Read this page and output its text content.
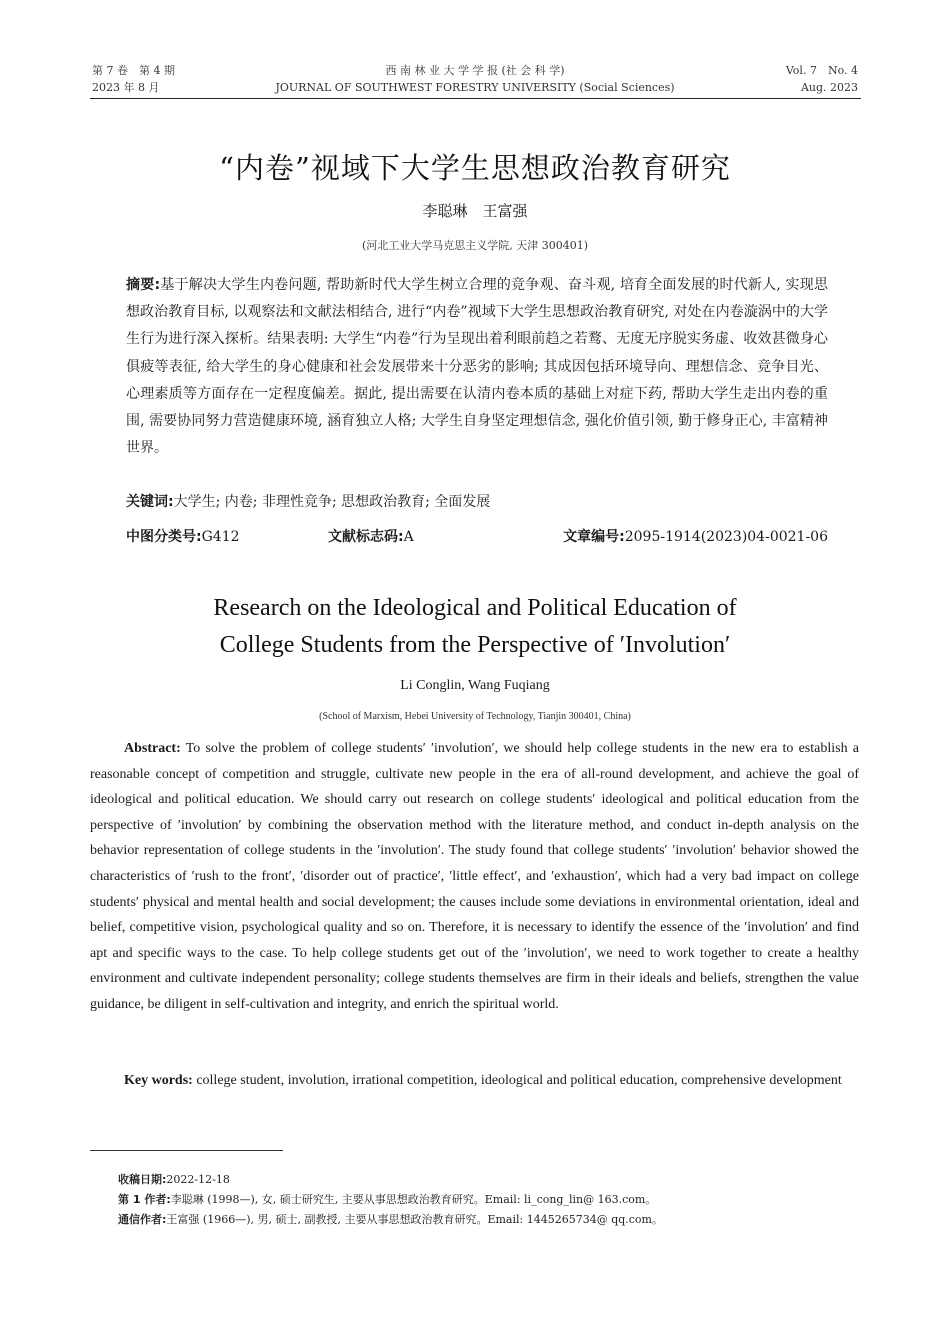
第 7 卷　第 4 期
2023 年 8 月
西 南 林 业 大 学 学 报 (社 会 科 学)
JOURNAL OF SOUTHWEST FORESTRY UNIVERSITY (Social Sciences)
Vol. 7　No. 4
Aug. 2023
“内卷”视域下大学生思想政治教育研究
李聪琳　王富强
(河北工业大学马克思主义学院, 天津 300401)
摘要:基于解决大学生内卷问题, 帮助新时代大学生树立合理的竞争观、奋斗观, 培育全面发展的时代新人, 实现思想政治教育目标, 以观察法和文献法相结合, 进行“内卷”视域下大学生思想政治教育研究, 对处在内卷漩涡中的大学生行为进行深入探析。结果表明: 大学生“内卷”行为呈现出着利眼前趋之若鹜、无度无序脱实务虚、收效甚微身心俱疲等表征, 给大学生的身心健康和社会发展带来十分恶劣的影响; 其成因包括环境导向、理想信念、竞争目光、心理素质等方面存在一定程度偏差。据此, 提出需要在认清内卷本质的基础上对症下药, 帮助大学生走出内卷的重围, 需要协同努力营造健康环境, 涵育独立人格; 大学生自身坚定理想信念, 强化价值引领, 勤于修身正心, 丰富精神世界。
关键词:大学生; 内卷; 非理性竞争; 思想政治教育; 全面发展
中图分类号:G412	文献标志码:A	文章编号:2095-1914(2023)04-0021-06
Research on the Ideological and Political Education of
College Students from the Perspective of ′Involution′
Li Conglin, Wang Fuqiang
(School of Marxism, Hebei University of Technology, Tianjin 300401, China)
Abstract: To solve the problem of college students′ ′involution′, we should help college students in the new era to establish a reasonable concept of competition and struggle, cultivate new people in the era of all-round development, and achieve the goal of ideological and political education. We should carry out research on college students′ ideological and political education from the perspective of ′involution′ by combining the observation method with the literature method, and conduct in-depth analysis on the behavior representation of college students in the ′involution′. The study found that college students′ ′involution′ behavior showed the characteristics of ′rush to the front′, ′disorder out of practice′, ′little effect′, and ′exhaustion′, which had a very bad impact on college students′ physical and mental health and social development; the causes include some deviations in environmental orientation, ideal and belief, competitive vision, psychological quality and so on. Therefore, it is necessary to identify the essence of the ′involution′ and find apt and specific ways to the case. To help college students get out of the ′involution′, we need to work together to create a healthy environment and cultivate independent personality; college students themselves are firm in their ideals and beliefs, strengthen the value guidance, be diligent in self-cultivation and integrity, and enrich the spiritual world.
Key words: college student, involution, irrational competition, ideological and political education, comprehensive development
收稿日期:2022-12-18
第 1 作者:李聪琳 (1998—), 女, 硕士研究生, 主要从事思想政治教育研究。Email: li_cong_lin@ 163.com。
通信作者:王富强 (1966—), 男, 硕士, 副教授, 主要从事思想政治教育研究。Email: 1445265734@ qq.com。
